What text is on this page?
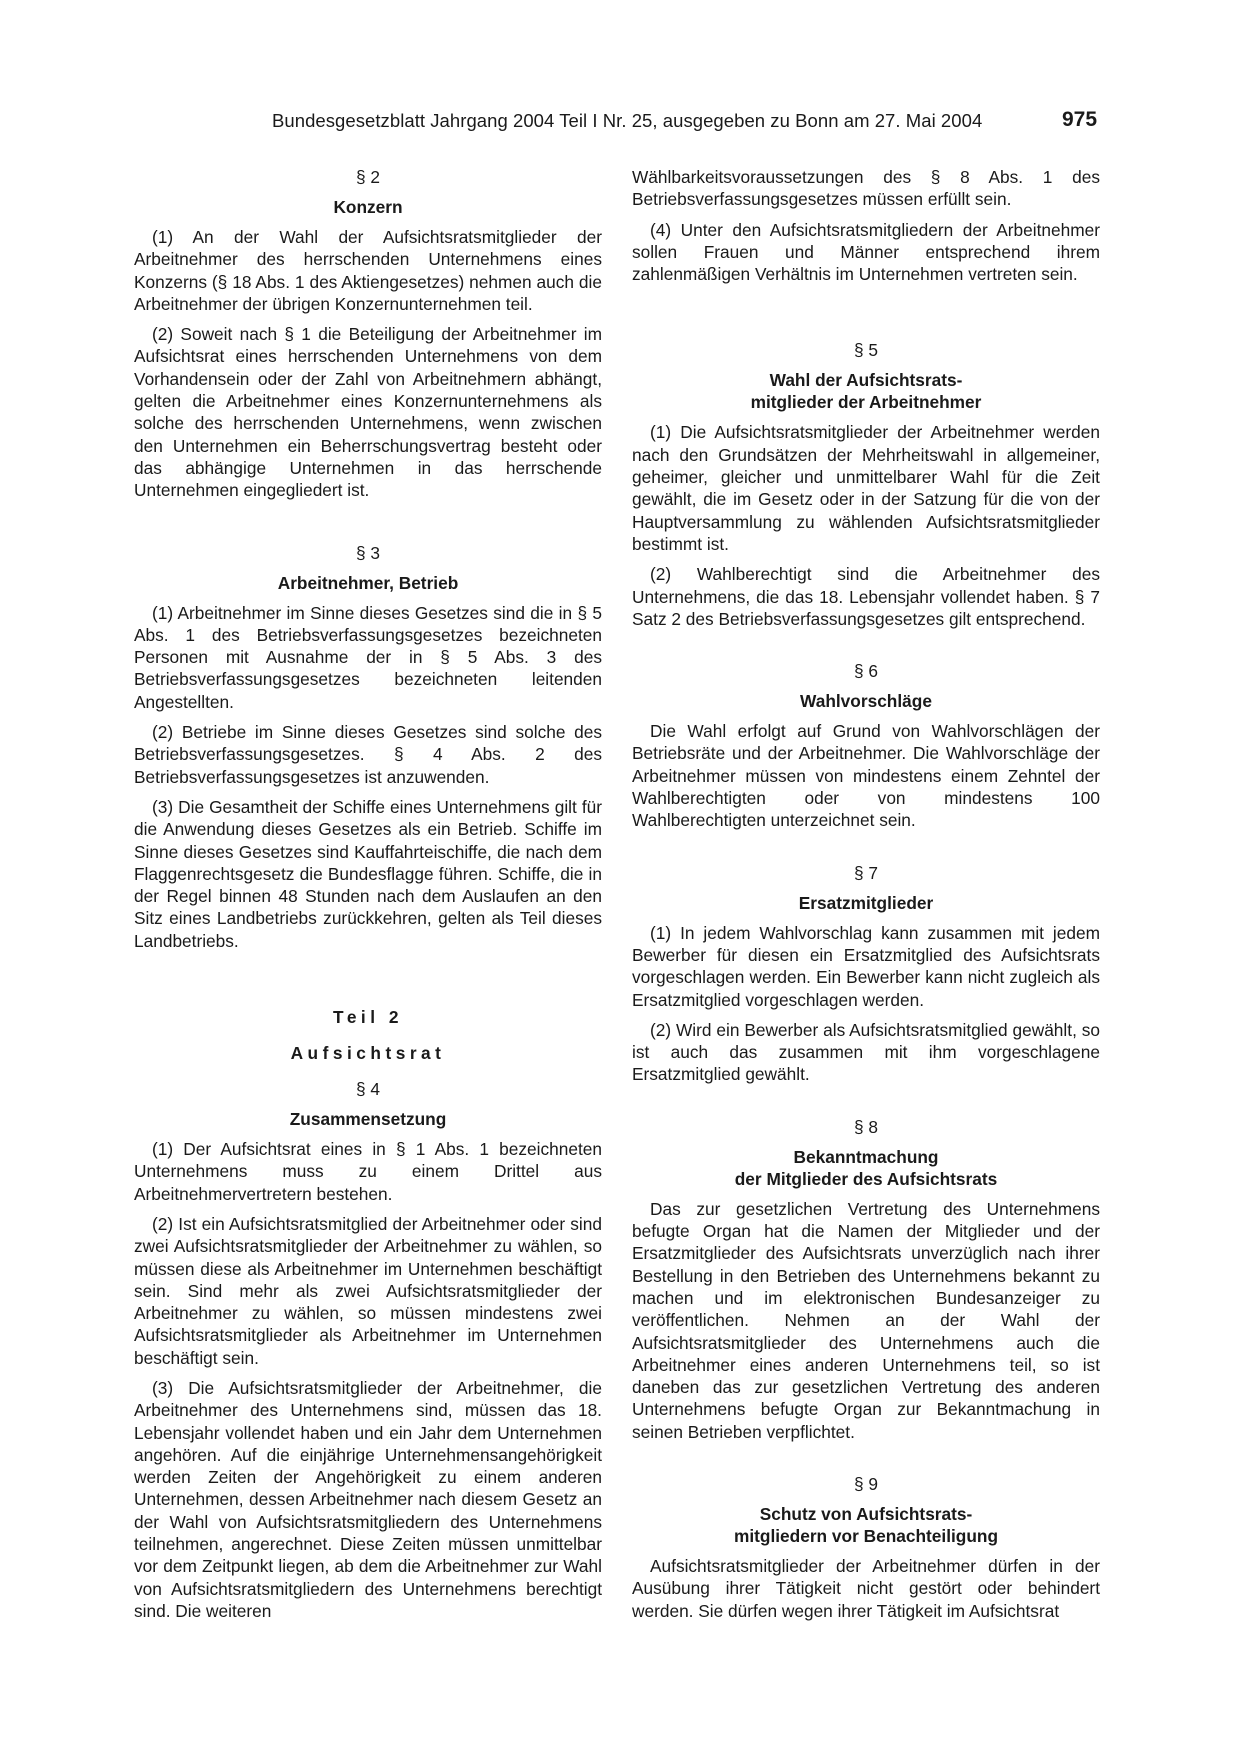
Bundesgesetzblatt Jahrgang 2004 Teil I Nr. 25, ausgegeben zu Bonn am 27. Mai 2004	975
§ 2
Konzern

(1) An der Wahl der Aufsichtsratsmitglieder der Arbeitnehmer des herrschenden Unternehmens eines Konzerns (§ 18 Abs. 1 des Aktiengesetzes) nehmen auch die Arbeitnehmer der übrigen Konzernunternehmen teil.

(2) Soweit nach § 1 die Beteiligung der Arbeitnehmer im Aufsichtsrat eines herrschenden Unternehmens von dem Vorhandensein oder der Zahl von Arbeitnehmern abhängt, gelten die Arbeitnehmer eines Konzernunternehmens als solche des herrschenden Unternehmens, wenn zwischen den Unternehmen ein Beherrschungsvertrag besteht oder das abhängige Unternehmen in das herrschende Unternehmen eingegliedert ist.

§ 3
Arbeitnehmer, Betrieb

(1) Arbeitnehmer im Sinne dieses Gesetzes sind die in § 5 Abs. 1 des Betriebsverfassungsgesetzes bezeichneten Personen mit Ausnahme der in § 5 Abs. 3 des Betriebsverfassungsgesetzes bezeichneten leitenden Angestellten.

(2) Betriebe im Sinne dieses Gesetzes sind solche des Betriebsverfassungsgesetzes. § 4 Abs. 2 des Betriebsverfassungsgesetzes ist anzuwenden.

(3) Die Gesamtheit der Schiffe eines Unternehmens gilt für die Anwendung dieses Gesetzes als ein Betrieb. Schiffe im Sinne dieses Gesetzes sind Kauffahrteischiffe, die nach dem Flaggenrechtsgesetz die Bundesflagge führen. Schiffe, die in der Regel binnen 48 Stunden nach dem Auslaufen an den Sitz eines Landbetriebs zurückkehren, gelten als Teil dieses Landbetriebs.

Teil 2
Aufsichtsrat
§ 4
Zusammensetzung

(1) Der Aufsichtsrat eines in § 1 Abs. 1 bezeichneten Unternehmens muss zu einem Drittel aus Arbeitnehmervertretern bestehen.

(2) Ist ein Aufsichtsratsmitglied der Arbeitnehmer oder sind zwei Aufsichtsratsmitglieder der Arbeitnehmer zu wählen, so müssen diese als Arbeitnehmer im Unternehmen beschäftigt sein. Sind mehr als zwei Aufsichtsratsmitglieder der Arbeitnehmer zu wählen, so müssen mindestens zwei Aufsichtsratsmitglieder als Arbeitnehmer im Unternehmen beschäftigt sein.

(3) Die Aufsichtsratsmitglieder der Arbeitnehmer, die Arbeitnehmer des Unternehmens sind, müssen das 18. Lebensjahr vollendet haben und ein Jahr dem Unternehmen angehören. Auf die einjährige Unternehmensangehörigkeit werden Zeiten der Angehörigkeit zu einem anderen Unternehmen, dessen Arbeitnehmer nach diesem Gesetz an der Wahl von Aufsichtsratsmitgliedern des Unternehmens teilnehmen, angerechnet. Diese Zeiten müssen unmittelbar vor dem Zeitpunkt liegen, ab dem die Arbeitnehmer zur Wahl von Aufsichtsratsmitgliedern des Unternehmens berechtigt sind. Die weiteren

Wählbarkeitsvoraussetzungen des § 8 Abs. 1 des Betriebsverfassungsgesetzes müssen erfüllt sein.

(4) Unter den Aufsichtsratsmitgliedern der Arbeitnehmer sollen Frauen und Männer entsprechend ihrem zahlenmäßigen Verhältnis im Unternehmen vertreten sein.

§ 5
Wahl der Aufsichtsrats-
mitglieder der Arbeitnehmer

(1) Die Aufsichtsratsmitglieder der Arbeitnehmer werden nach den Grundsätzen der Mehrheitswahl in allgemeiner, geheimer, gleicher und unmittelbarer Wahl für die Zeit gewählt, die im Gesetz oder in der Satzung für die von der Hauptversammlung zu wählenden Aufsichtsratsmitglieder bestimmt ist.

(2) Wahlberechtigt sind die Arbeitnehmer des Unternehmens, die das 18. Lebensjahr vollendet haben. § 7 Satz 2 des Betriebsverfassungsgesetzes gilt entsprechend.

§ 6
Wahlvorschläge

Die Wahl erfolgt auf Grund von Wahlvorschlägen der Betriebsräte und der Arbeitnehmer. Die Wahlvorschläge der Arbeitnehmer müssen von mindestens einem Zehntel der Wahlberechtigten oder von mindestens 100 Wahlberechtigten unterzeichnet sein.

§ 7
Ersatzmitglieder

(1) In jedem Wahlvorschlag kann zusammen mit jedem Bewerber für diesen ein Ersatzmitglied des Aufsichtsrats vorgeschlagen werden. Ein Bewerber kann nicht zugleich als Ersatzmitglied vorgeschlagen werden.

(2) Wird ein Bewerber als Aufsichtsratsmitglied gewählt, so ist auch das zusammen mit ihm vorgeschlagene Ersatzmitglied gewählt.

§ 8
Bekanntmachung
der Mitglieder des Aufsichtsrats

Das zur gesetzlichen Vertretung des Unternehmens befugte Organ hat die Namen der Mitglieder und der Ersatzmitglieder des Aufsichtsrats unverzüglich nach ihrer Bestellung in den Betrieben des Unternehmens bekannt zu machen und im elektronischen Bundesanzeiger zu veröffentlichen. Nehmen an der Wahl der Aufsichtsratsmitglieder des Unternehmens auch die Arbeitnehmer eines anderen Unternehmens teil, so ist daneben das zur gesetzlichen Vertretung des anderen Unternehmens befugte Organ zur Bekanntmachung in seinen Betrieben verpflichtet.

§ 9
Schutz von Aufsichtsrats-
mitgliedern vor Benachteiligung

Aufsichtsratsmitglieder der Arbeitnehmer dürfen in der Ausübung ihrer Tätigkeit nicht gestört oder behindert werden. Sie dürfen wegen ihrer Tätigkeit im Aufsichtsrat
